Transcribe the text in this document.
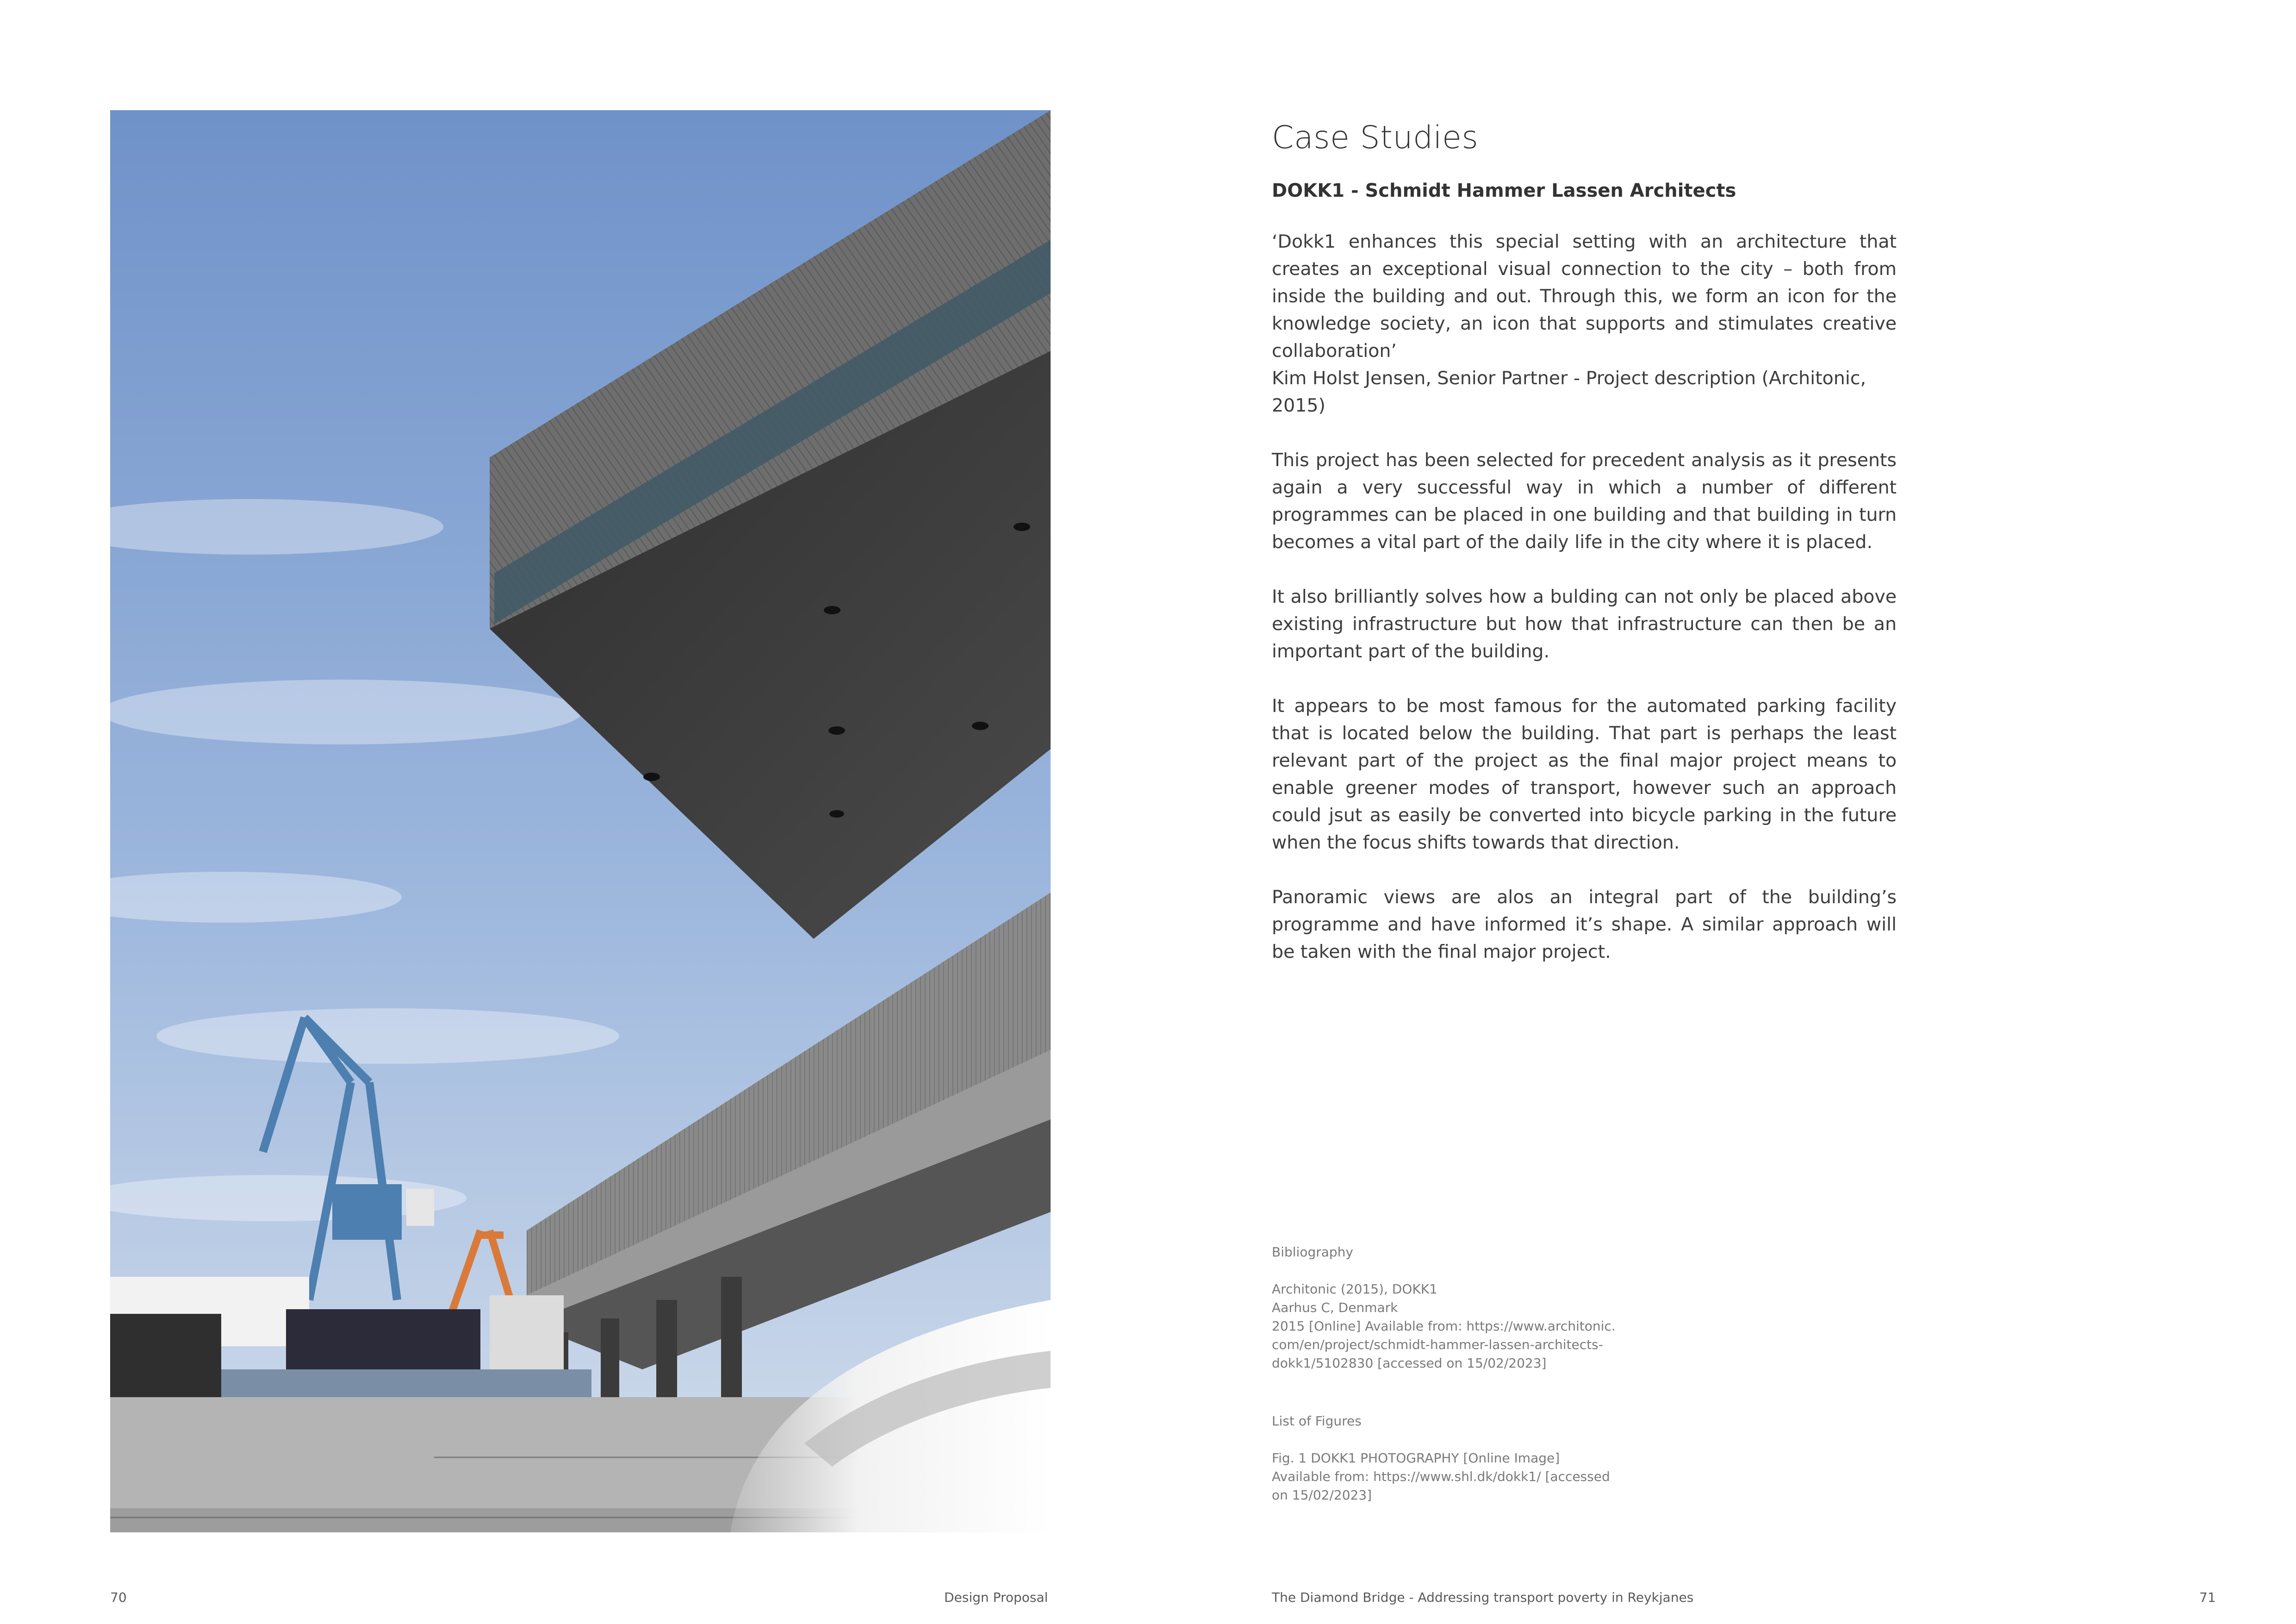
Case Studies
DOKK1 - Schmidt Hammer Lassen Architects
‘Dokk1 enhances this special setting with an architecture that creates an exceptional visual connection to the city – both from inside the building and out. Through this, we form an icon for the knowledge society, an icon that supports and stimulates creative collaboration’
Kim Holst Jensen, Senior Partner - Project description (Architonic, 2015)

This project has been selected for precedent analysis as it presents again a very successful way in which a number of different programmes can be placed in one building and that building in turn becomes a vital part of the daily life in the city where it is placed.

It also brilliantly solves how a bulding can not only be placed above existing infrastructure but how that infrastructure can then be an important part of the building.

It appears to be most famous for the automated parking facility that is located below the building. That part is perhaps the least relevant part of the project as the final major project means to enable greener modes of transport, however such an approach could jsut as easily be converted into bicycle parking in the future when the focus shifts towards that direction.

Panoramic views are alos an integral part of the building’s programme and have informed it’s shape. A similar approach will be taken with the final major project.

Bibliography

Architonic (2015), DOKK1

Aarhus C, Denmark

2015 [Online] Available from: https://www.architonic.

com/en/project/schmidt-hammer-lassen-architects-

dokk1/5102830 [accessed on 15/02/2023]

List of Figures

Fig. 1 DOKK1 PHOTOGRAPHY [Online Image]

Available from: https://www.shl.dk/dokk1/ [accessed

on 15/02/2023]

70	Design Proposal	The Diamond Bridge - Addressing transport poverty in Reykjanes	71
